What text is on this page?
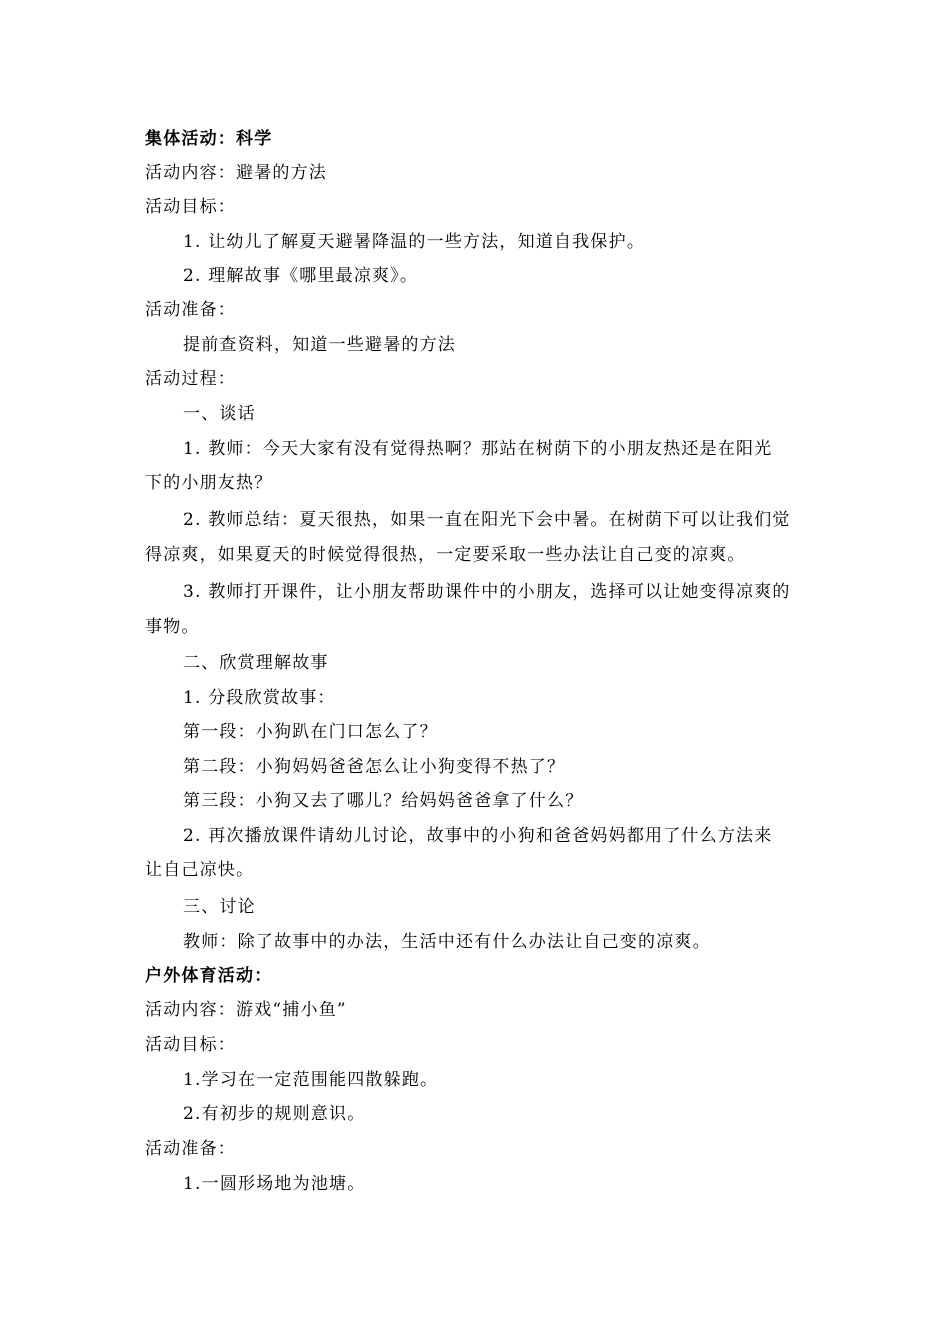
集体活动：科学
活动内容：避暑的方法
活动目标：
1. 让幼儿了解夏天避暑降温的一些方法，知道自我保护。
2. 理解故事《哪里最凉爽》。
活动准备：
提前查资料，知道一些避暑的方法
活动过程：
一、谈话
1. 教师：今天大家有没有觉得热啊？那站在树荫下的小朋友热还是在阳光
下的小朋友热？
2. 教师总结：夏天很热，如果一直在阳光下会中暑。在树荫下可以让我们觉
得凉爽，如果夏天的时候觉得很热，一定要采取一些办法让自己变的凉爽。
3. 教师打开课件，让小朋友帮助课件中的小朋友，选择可以让她变得凉爽的
事物。
二、欣赏理解故事
1. 分段欣赏故事：
第一段：小狗趴在门口怎么了？
第二段：小狗妈妈爸爸怎么让小狗变得不热了？
第三段：小狗又去了哪儿？给妈妈爸爸拿了什么？
2. 再次播放课件请幼儿讨论，故事中的小狗和爸爸妈妈都用了什么方法来
让自己凉快。
三、讨论
教师：除了故事中的办法，生活中还有什么办法让自己变的凉爽。
户外体育活动：
活动内容：游戏“捕小鱼”
活动目标：
1.学习在一定范围能四散躲跑。
2.有初步的规则意识。
活动准备：
1.一圆形场地为池塘。
